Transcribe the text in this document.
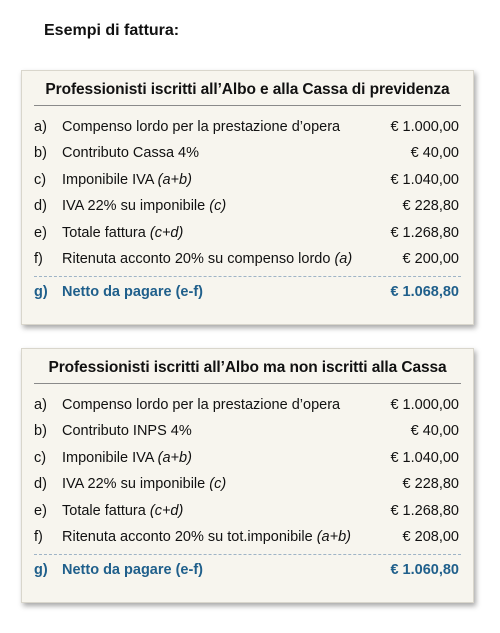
Esempi di fattura:
Professionisti iscritti all’Albo e alla Cassa di previdenza
a)	Compenso lordo per la prestazione d’opera	€ 1.000,00
b)	Contributo Cassa 4%	€ 40,00
c)	Imponibile IVA (a+b)	€ 1.040,00
d)	IVA 22% su imponibile (c)	€ 228,80
e)	Totale fattura (c+d)	€ 1.268,80
f)	Ritenuta acconto 20% su compenso lordo (a)	€ 200,00
g) Netto da pagare (e-f)	€ 1.068,80
Professionisti iscritti all’Albo ma non iscritti alla Cassa
a)	Compenso lordo per la prestazione d’opera	€ 1.000,00
b)	Contributo INPS 4%	€ 40,00
c)	Imponibile IVA (a+b)	€ 1.040,00
d)	IVA 22% su imponibile (c)	€ 228,80
e)	Totale fattura (c+d)	€ 1.268,80
f)	Ritenuta acconto 20% su tot.imponibile (a+b)	€ 208,00
g) Netto da pagare (e-f)	€ 1.060,80
